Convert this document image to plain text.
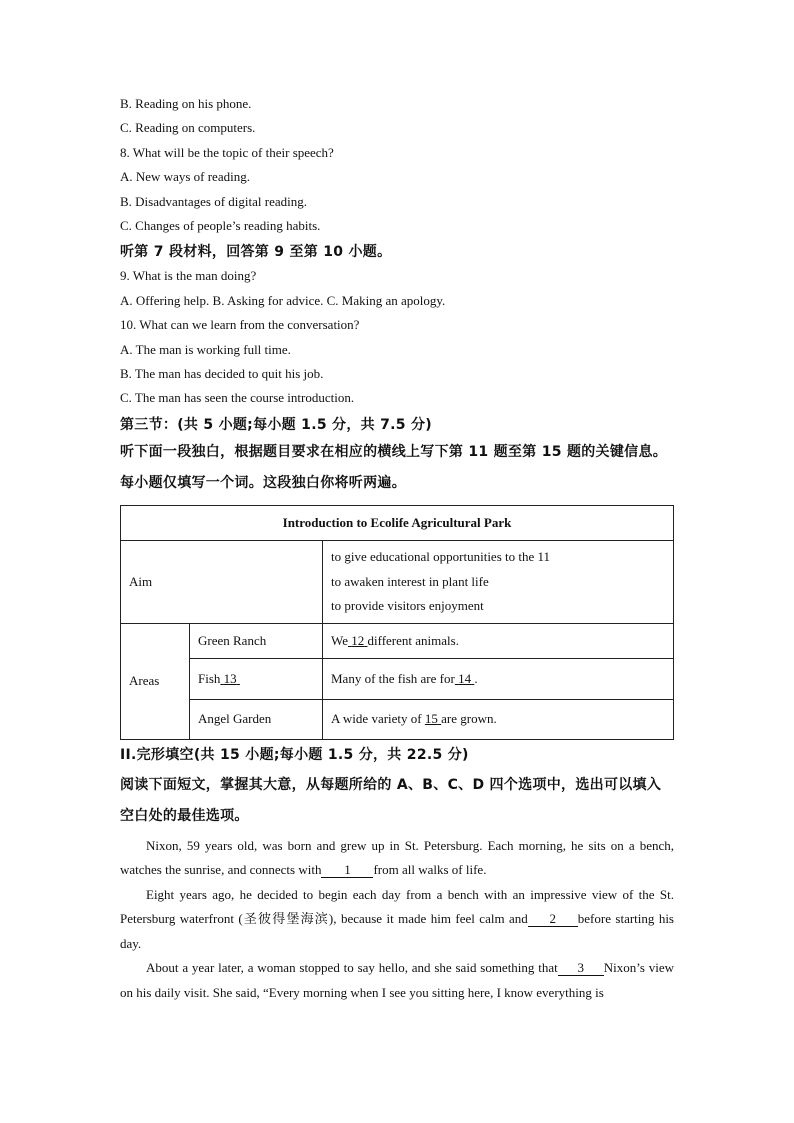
B. Reading on his phone.
C. Reading on computers.
8. What will be the topic of their speech?
A. New ways of reading.
B. Disadvantages of digital reading.
C. Changes of people’s reading habits.
听第 7 段材料，回答第 9 至第 10 小题。
9. What is the man doing?
A. Offering help. B. Asking for advice. C. Making an apology.
10. What can we learn from the conversation?
A. The man is working full time.
B. The man has decided to quit his job.
C. The man has seen the course introduction.
第三节：(共 5 小题;每小题 1.5 分，共 7.5 分)
听下面一段独白，根据题目要求在相应的横线上写下第 11 题至第 15 题的关键信息。每小题仅填写一个词。这段独白你将听两遍。
Introduction to Ecolife Agricultural Park		
Aim		to give educational opportunities to the 11
to awaken interest in plant life
to provide visitors enjoyment

Areas	Green Ranch	We 12 different animals.
	Fish 13	Many of the fish are for 14 .
	Angel Garden	A wide variety of 15 are grown.
II.完形填空(共 15 小题;每小题 1.5 分，共 22.5 分)
阅读下面短文，掌握其大意，从每题所给的 A、B、C、D 四个选项中，选出可以填入空白处的最佳选项。

Nixon, 59 years old, was born and grew up in St. Petersburg. Each morning, he sits on a bench, watches the sunrise, and connects with 1 from all walks of life.

Eight years ago, he decided to begin each day from a bench with an impressive view of the St. Petersburg waterfront (圣彼得堡海滨), because it made him feel calm and 2 before starting his day.

About a year later, a woman stopped to say hello, and she said something that 3 Nixon’s view on his daily visit. She said, “Every morning when I see you sitting here, I know everything is
